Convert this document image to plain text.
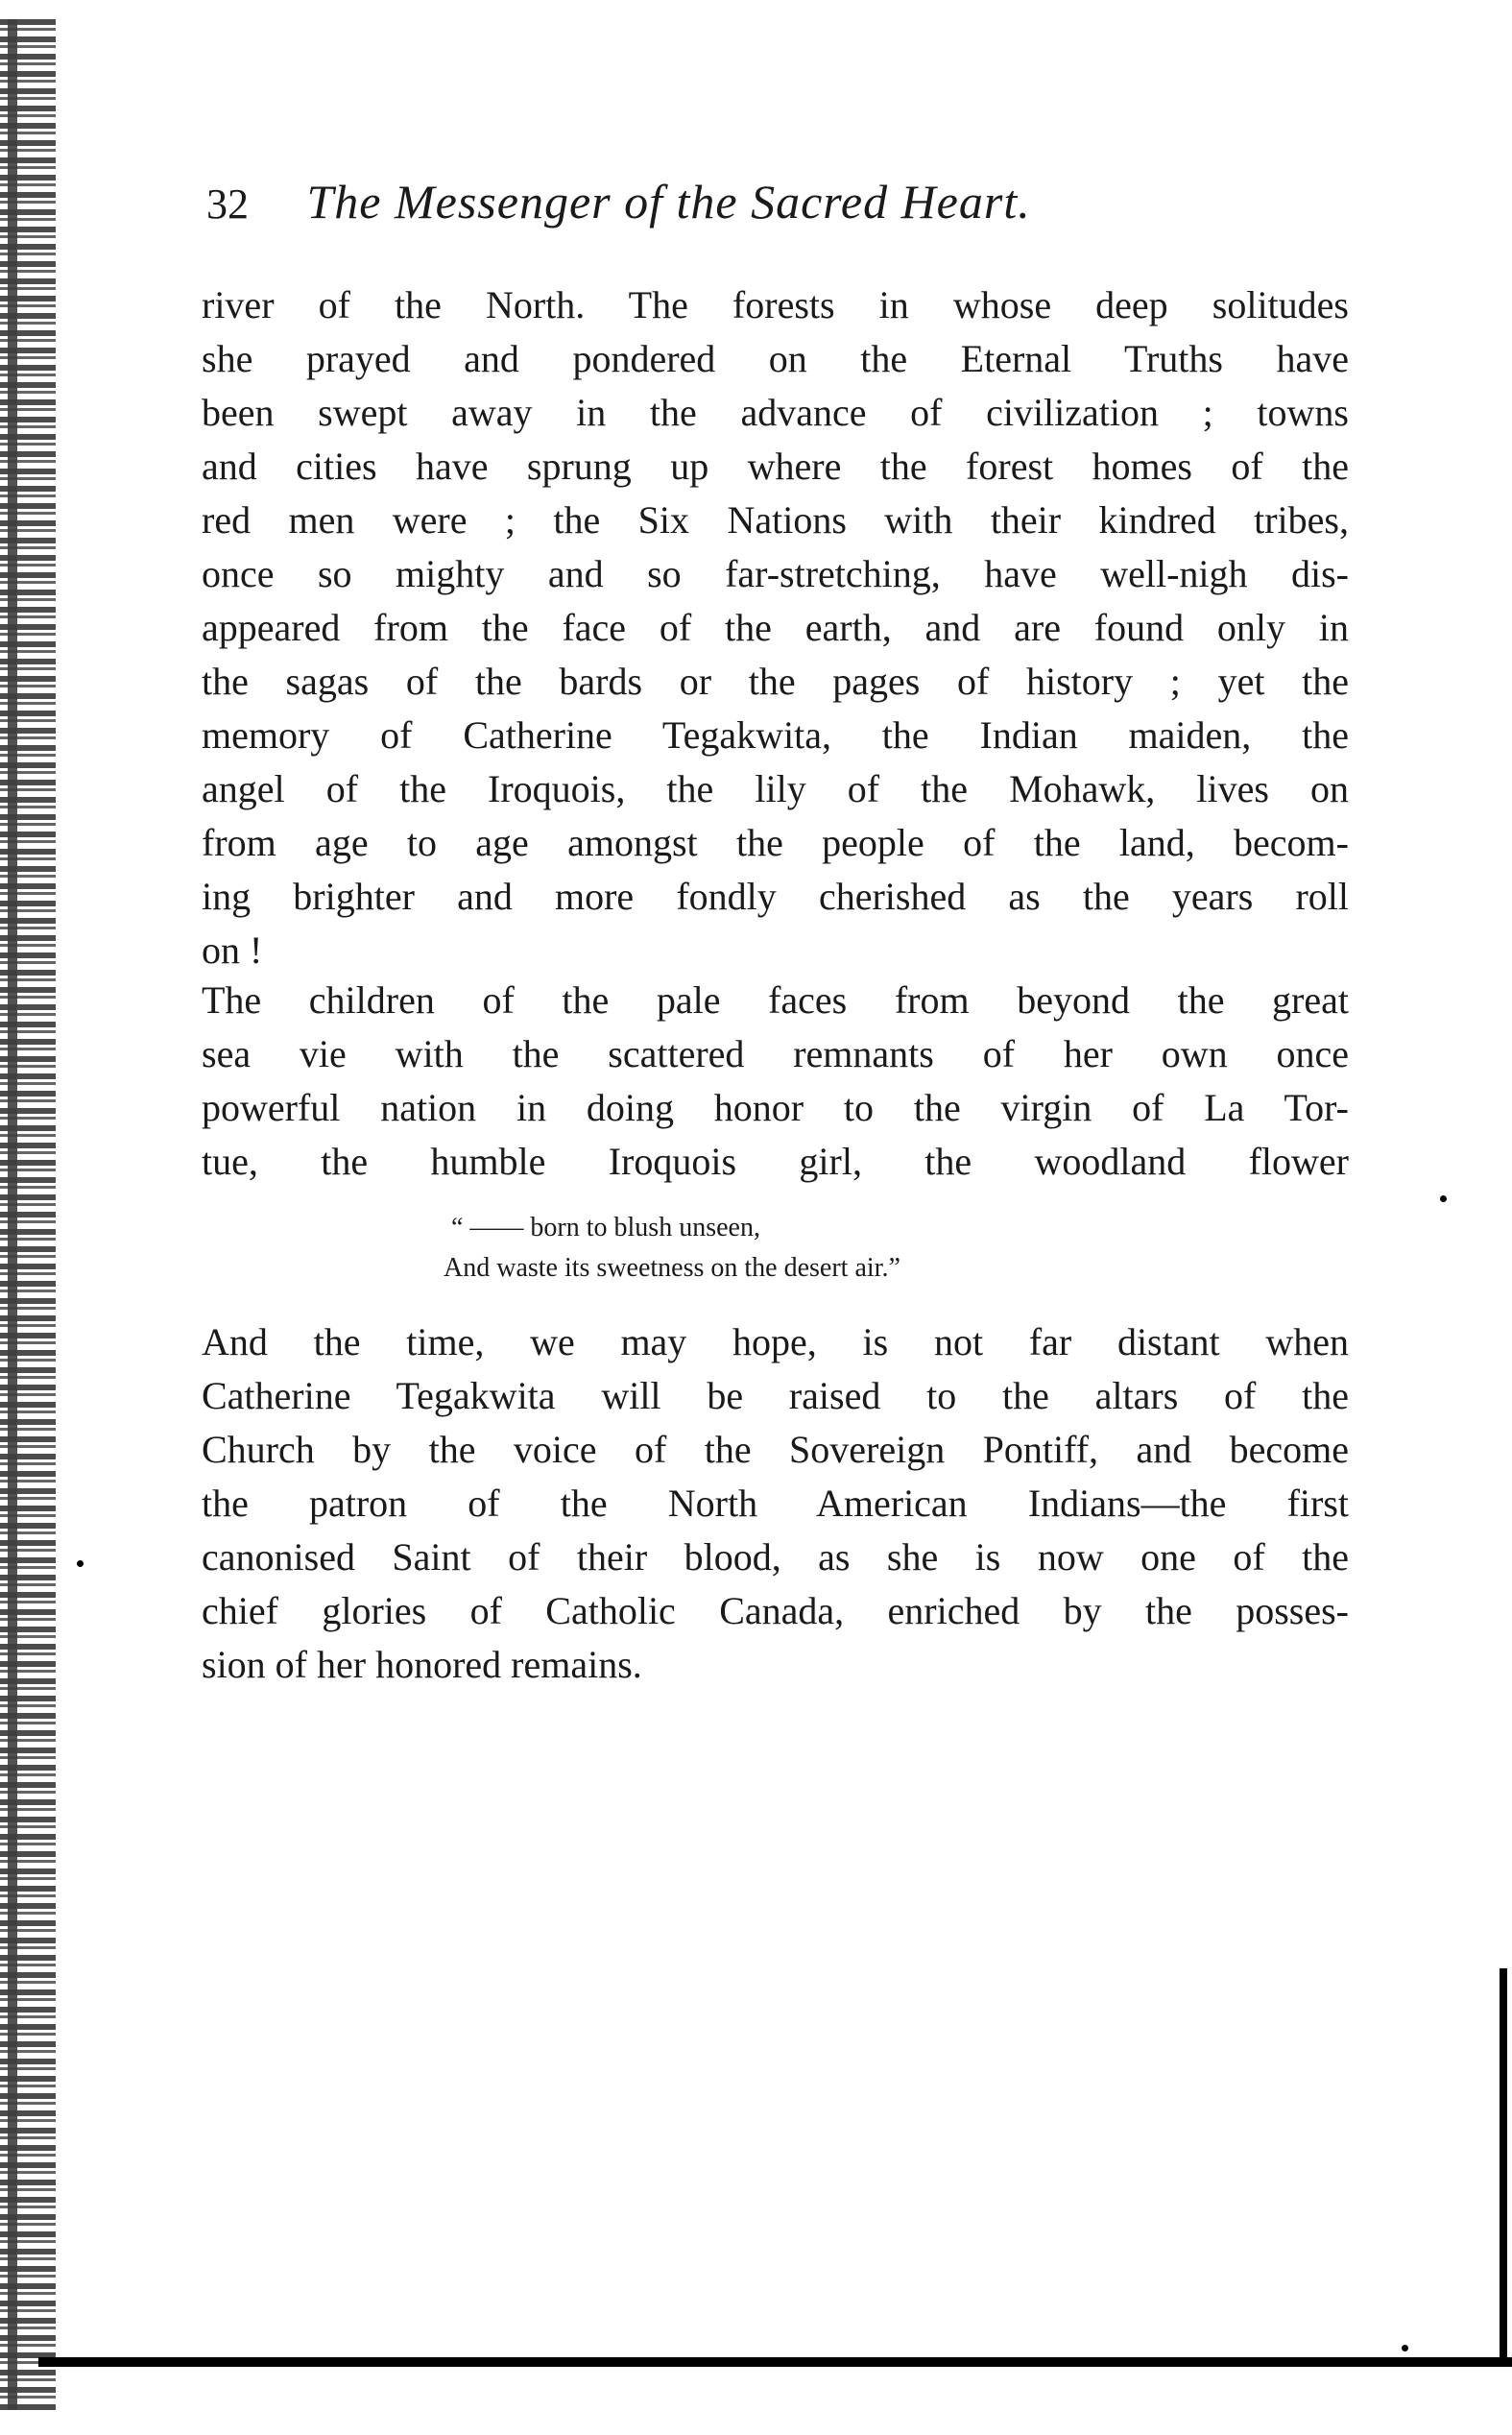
32 The Messenger of the Sacred Heart.
river of the North. The forests in whose deep solitudes
she prayed and pondered on the Eternal Truths have
been swept away in the advance of civilization ; towns
and cities have sprung up where the forest homes of the
red men were ; the Six Nations with their kindred tribes,
once so mighty and so far-stretching, have well-nigh dis-
appeared from the face of the earth, and are found only in
the sagas of the bards or the pages of history ; yet the
memory of Catherine Tegakwita, the Indian maiden, the
angel of the Iroquois, the lily of the Mohawk, lives on
from age to age amongst the people of the land, becom-
ing brighter and more fondly cherished as the years roll
on !
The children of the pale faces from beyond the great
sea vie with the scattered remnants of her own once
powerful nation in doing honor to the virgin of La Tor-
tue, the humble Iroquois girl, the woodland flower
“ —— born to blush unseen,
And waste its sweetness on the desert air.”
And the time, we may hope, is not far distant when
Catherine Tegakwita will be raised to the altars of the
Church by the voice of the Sovereign Pontiff, and become
the patron of the North American Indians—the first
canonised Saint of their blood, as she is now one of the
chief glories of Catholic Canada, enriched by the posses-
sion of her honored remains.
